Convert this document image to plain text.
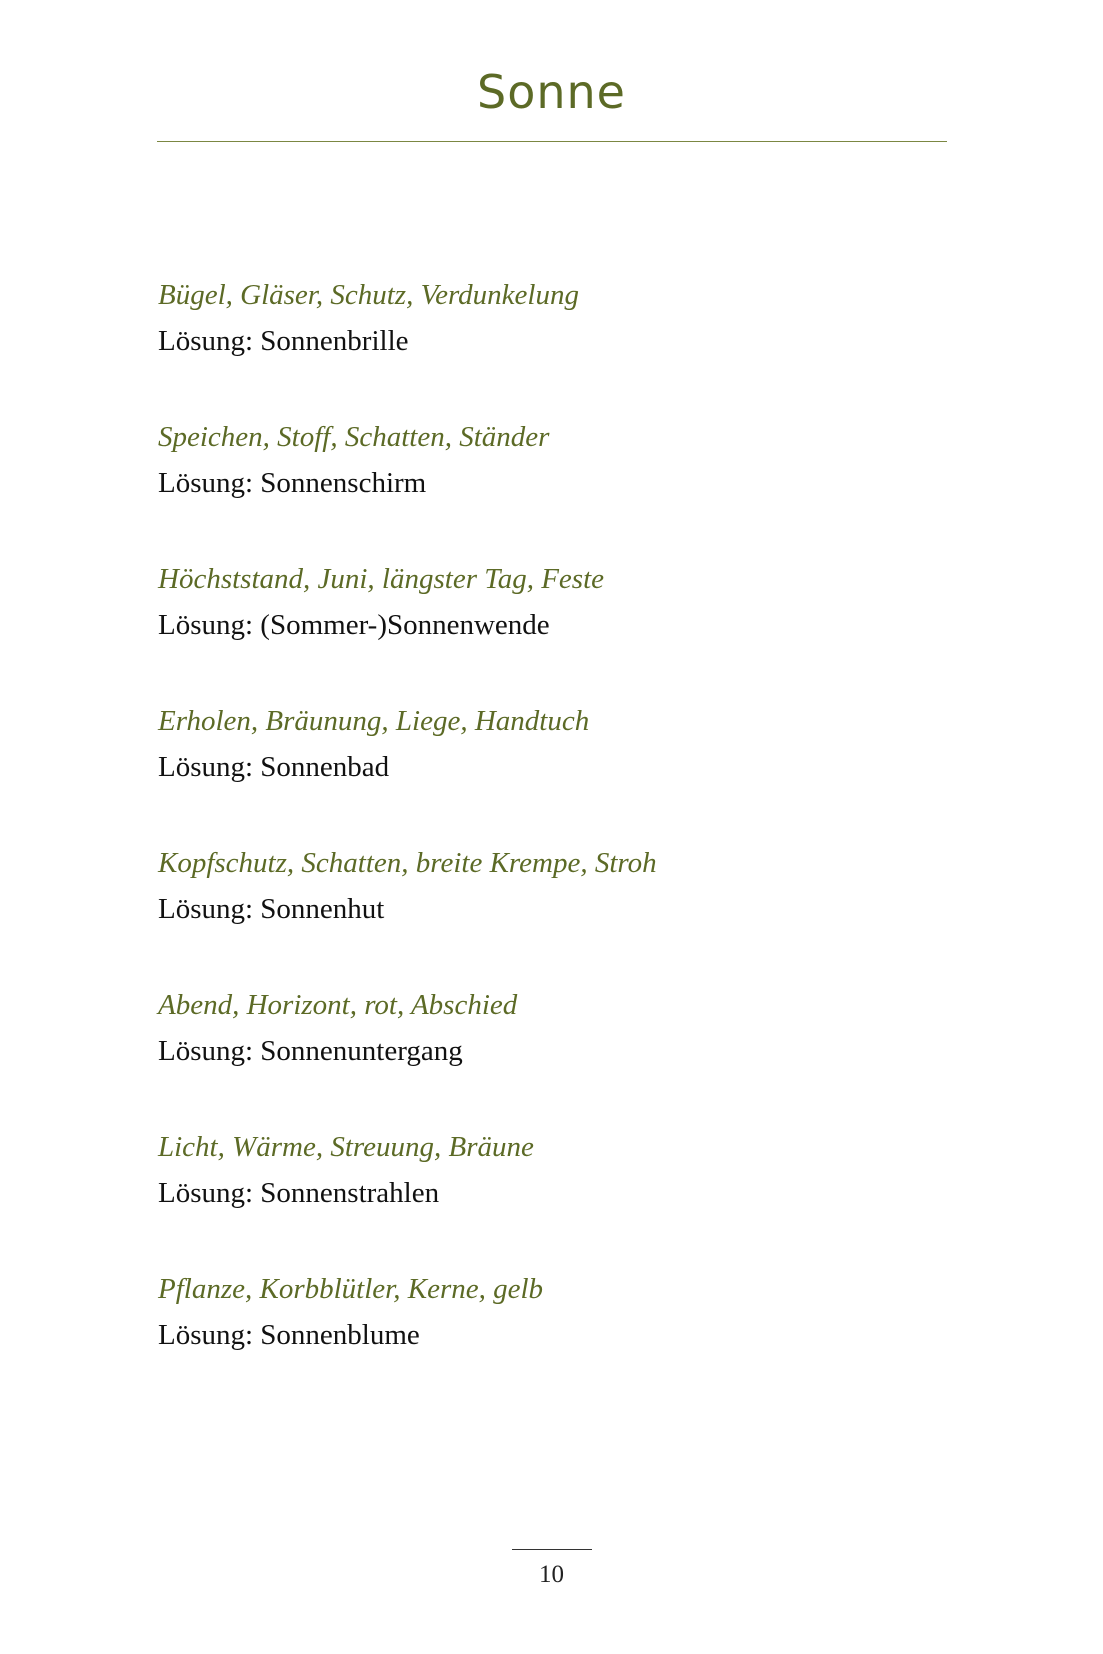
Sonne
Bügel, Gläser, Schutz, Verdunkelung
Lösung: Sonnenbrille
Speichen, Stoff, Schatten, Ständer
Lösung: Sonnenschirm
Höchststand, Juni, längster Tag, Feste
Lösung: (Sommer-)Sonnenwende
Erholen, Bräunung, Liege, Handtuch
Lösung: Sonnenbad
Kopfschutz, Schatten, breite Krempe, Stroh
Lösung: Sonnenhut
Abend, Horizont, rot, Abschied
Lösung: Sonnenuntergang
Licht, Wärme, Streuung, Bräune
Lösung: Sonnenstrahlen
Pflanze, Korbblütler, Kerne, gelb
Lösung: Sonnenblume
10
